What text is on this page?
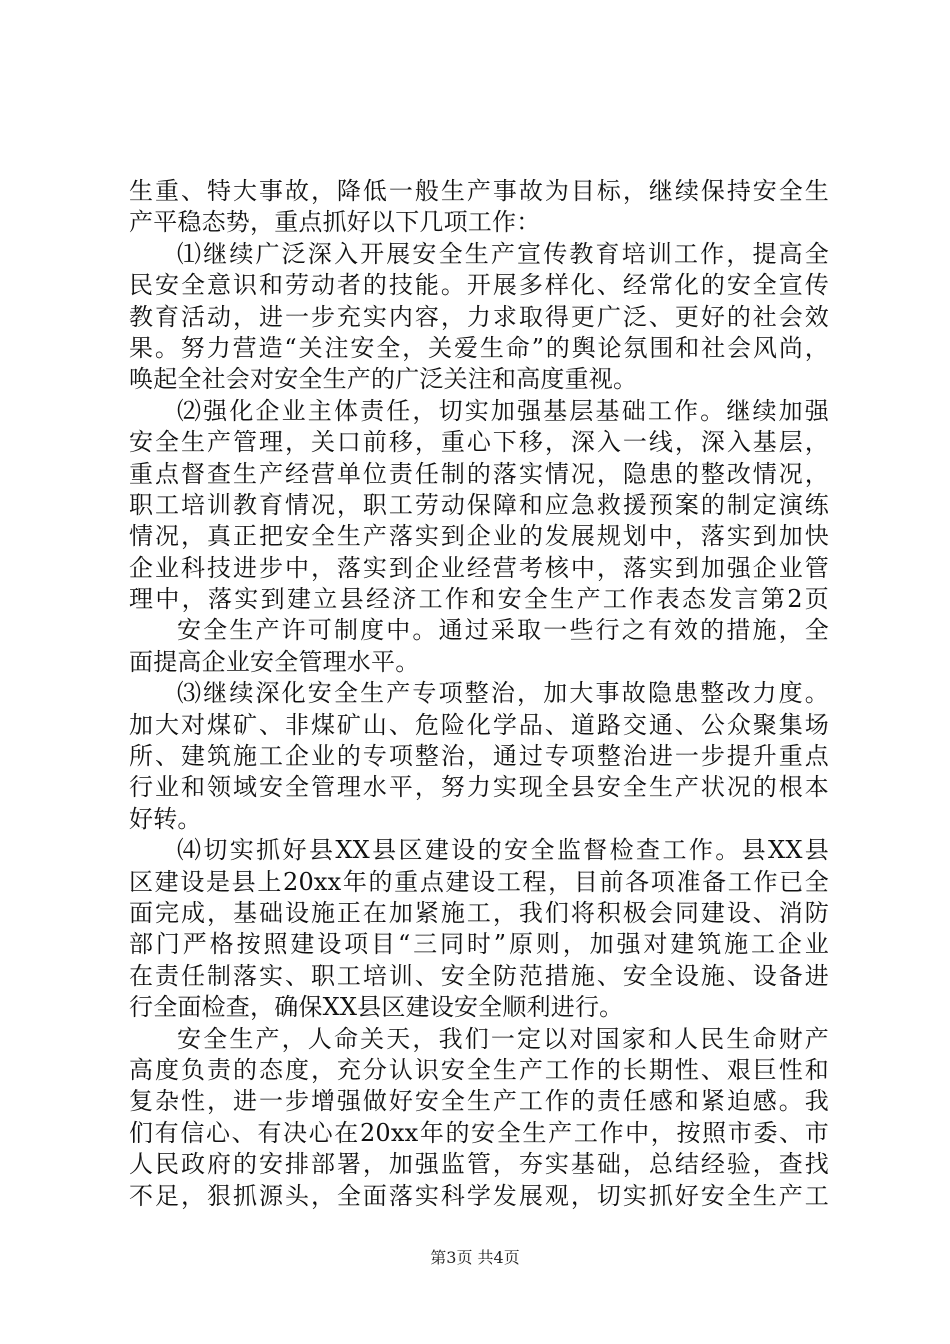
生重、特大事故，降低一般生产事故为目标，继续保持安全生
产平稳态势，重点抓好以下几项工作：
⑴继续广泛深入开展安全生产宣传教育培训工作，提高全
民安全意识和劳动者的技能。开展多样化、经常化的安全宣传
教育活动，进一步充实内容，力求取得更广泛、更好的社会效
果。努力营造“关注安全，关爱生命”的舆论氛围和社会风尚，
唤起全社会对安全生产的广泛关注和高度重视。
⑵强化企业主体责任，切实加强基层基础工作。继续加强
安全生产管理，关口前移，重心下移，深入一线，深入基层，
重点督查生产经营单位责任制的落实情况，隐患的整改情况，
职工培训教育情况，职工劳动保障和应急救援预案的制定演练
情况，真正把安全生产落实到企业的发展规划中，落实到加快
企业科技进步中，落实到企业经营考核中，落实到加强企业管
理中，落实到建立县经济工作和安全生产工作表态发言第2页
安全生产许可制度中。通过采取一些行之有效的措施，全
面提高企业安全管理水平。
⑶继续深化安全生产专项整治，加大事故隐患整改力度。
加大对煤矿、非煤矿山、危险化学品、道路交通、公众聚集场
所、建筑施工企业的专项整治，通过专项整治进一步提升重点
行业和领域安全管理水平，努力实现全县安全生产状况的根本
好转。
⑷切实抓好县XX县区建设的安全监督检查工作。县XX县
区建设是县上20xx年的重点建设工程，目前各项准备工作已全
面完成，基础设施正在加紧施工，我们将积极会同建设、消防
部门严格按照建设项目“三同时”原则，加强对建筑施工企业
在责任制落实、职工培训、安全防范措施、安全设施、设备进
行全面检查，确保XX县区建设安全顺利进行。
安全生产，人命关天，我们一定以对国家和人民生命财产
高度负责的态度，充分认识安全生产工作的长期性、艰巨性和
复杂性，进一步增强做好安全生产工作的责任感和紧迫感。我
们有信心、有决心在20xx年的安全生产工作中，按照市委、市
人民政府的安排部署，加强监管，夯实基础，总结经验，查找
不足，狠抓源头，全面落实科学发展观，切实抓好安全生产工
第3页 共4页
